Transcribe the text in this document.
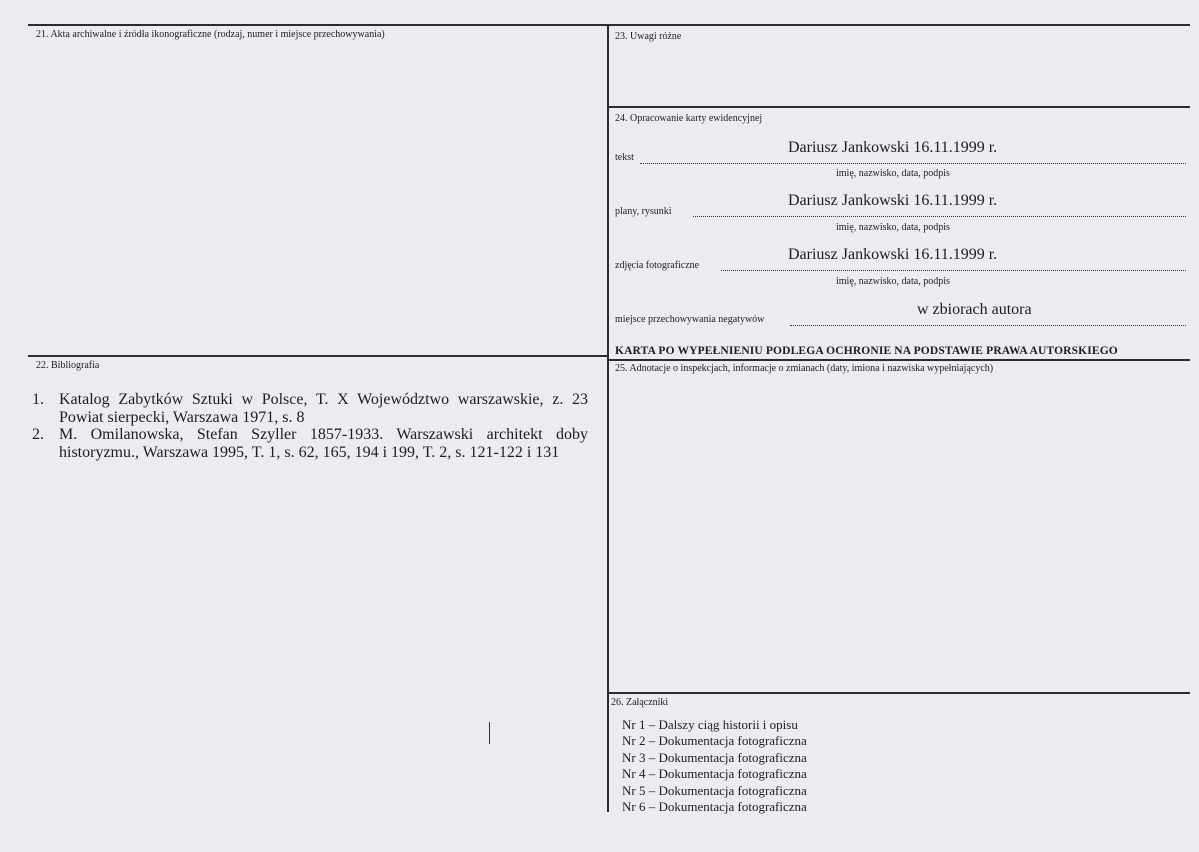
21. Akta archiwalne i źródła ikonograficzne (rodzaj, numer i miejsce przechowywania)	23. Uwagi różne
24. Opracowanie karty ewidencyjnej
tekst
Dariusz Jankowski 16.11.1999 r.
imię, nazwisko, data, podpis
plany, rysunki
Dariusz Jankowski 16.11.1999 r.
imię, nazwisko, data, podpis
zdjęcia fotograficzne
Dariusz Jankowski 16.11.1999 r.
imię, nazwisko, data, podpis
miejsce przechowywania negatywów
w zbiorach autora
KARTA PO WYPEŁNIENIU PODLEGA OCHRONIE NA PODSTAWIE PRAWA AUTORSKIEGO
22. Bibliografia
1. Katalog Zabytków Sztuki w Polsce, T. X Województwo warszawskie, z. 23 Powiat sierpecki, Warszawa 1971, s. 8
2. M. Omilanowska, Stefan Szyller 1857-1933. Warszawski architekt doby historyzmu., Warszawa 1995, T. 1, s. 62, 165, 194 i 199, T. 2, s. 121-122 i 131
25. Adnotacje o inspekcjach, informacje o zmianach (daty, imiona i nazwiska wypełniających)
26. Załączniki
Nr 1 – Dalszy ciąg historii i opisu
Nr 2 – Dokumentacja fotograficzna
Nr 3 – Dokumentacja fotograficzna
Nr 4 – Dokumentacja fotograficzna
Nr 5 – Dokumentacja fotograficzna
Nr 6 – Dokumentacja fotograficzna
